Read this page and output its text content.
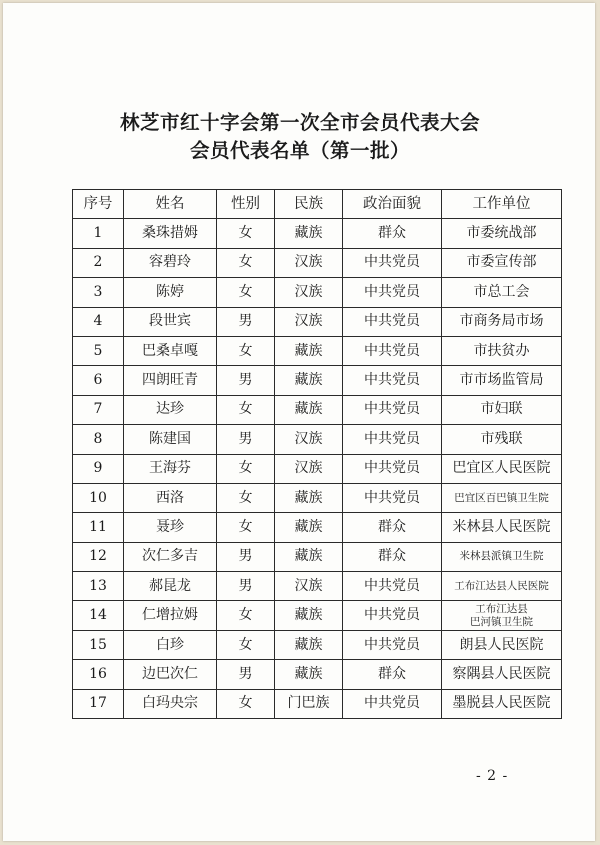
林芝市红十字会第一次全市会员代表大会
会员代表名单（第一批）
序号	姓名	性别	民族	政治面貌	工作单位
1	桑珠措姆	女	藏族	群众	市委统战部
2	容碧玲	女	汉族	中共党员	市委宣传部
3	陈婷	女	汉族	中共党员	市总工会
4	段世宾	男	汉族	中共党员	市商务局市场
5	巴桑卓嘎	女	藏族	中共党员	市扶贫办
6	四朗旺青	男	藏族	中共党员	市市场监管局
7	达珍	女	藏族	中共党员	市妇联
8	陈建国	男	汉族	中共党员	市残联
9	王海芬	女	汉族	中共党员	巴宜区人民医院
10	西洛	女	藏族	中共党员	巴宜区百巴镇卫生院
11	聂珍	女	藏族	群众	米林县人民医院
12	次仁多吉	男	藏族	群众	米林县派镇卫生院
13	郝昆龙	男	汉族	中共党员	工布江达县人民医院
14	仁增拉姆	女	藏族	中共党员	工布江达县
巴河镇卫生院
15	白珍	女	藏族	中共党员	朗县人民医院
16	边巴次仁	男	藏族	群众	察隅县人民医院
17	白玛央宗	女	门巴族	中共党员	墨脱县人民医院
- 2 -
